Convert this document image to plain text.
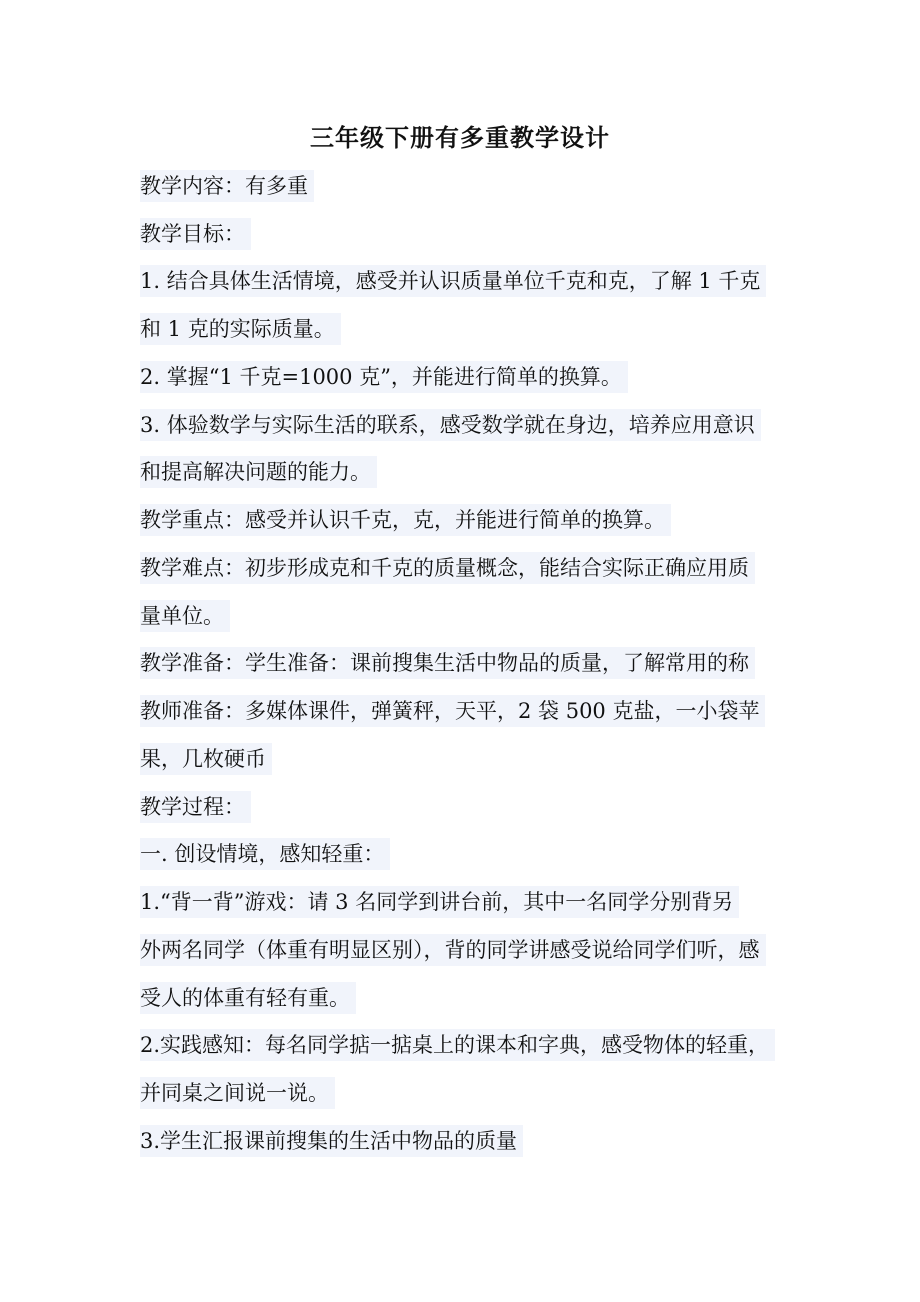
三年级下册有多重教学设计
教学内容：有多重
教学目标：
1. 结合具体生活情境，感受并认识质量单位千克和克，了解 1 千克
和 1 克的实际质量。
2. 掌握“1 千克=1000 克”，并能进行简单的换算。
3. 体验数学与实际生活的联系，感受数学就在身边，培养应用意识
和提高解决问题的能力。
教学重点：感受并认识千克，克，并能进行简单的换算。
教学难点：初步形成克和千克的质量概念，能结合实际正确应用质
量单位。
教学准备：学生准备：课前搜集生活中物品的质量，了解常用的称
教师准备：多媒体课件，弹簧秤，天平，2 袋 500 克盐，一小袋苹
果，几枚硬币
教学过程：
一. 创设情境，感知轻重：
1.“背一背”游戏：请 3 名同学到讲台前，其中一名同学分别背另
外两名同学（体重有明显区别），背的同学讲感受说给同学们听，感
受人的体重有轻有重。
2.实践感知：每名同学掂一掂桌上的课本和字典，感受物体的轻重，
并同桌之间说一说。
3.学生汇报课前搜集的生活中物品的质量
